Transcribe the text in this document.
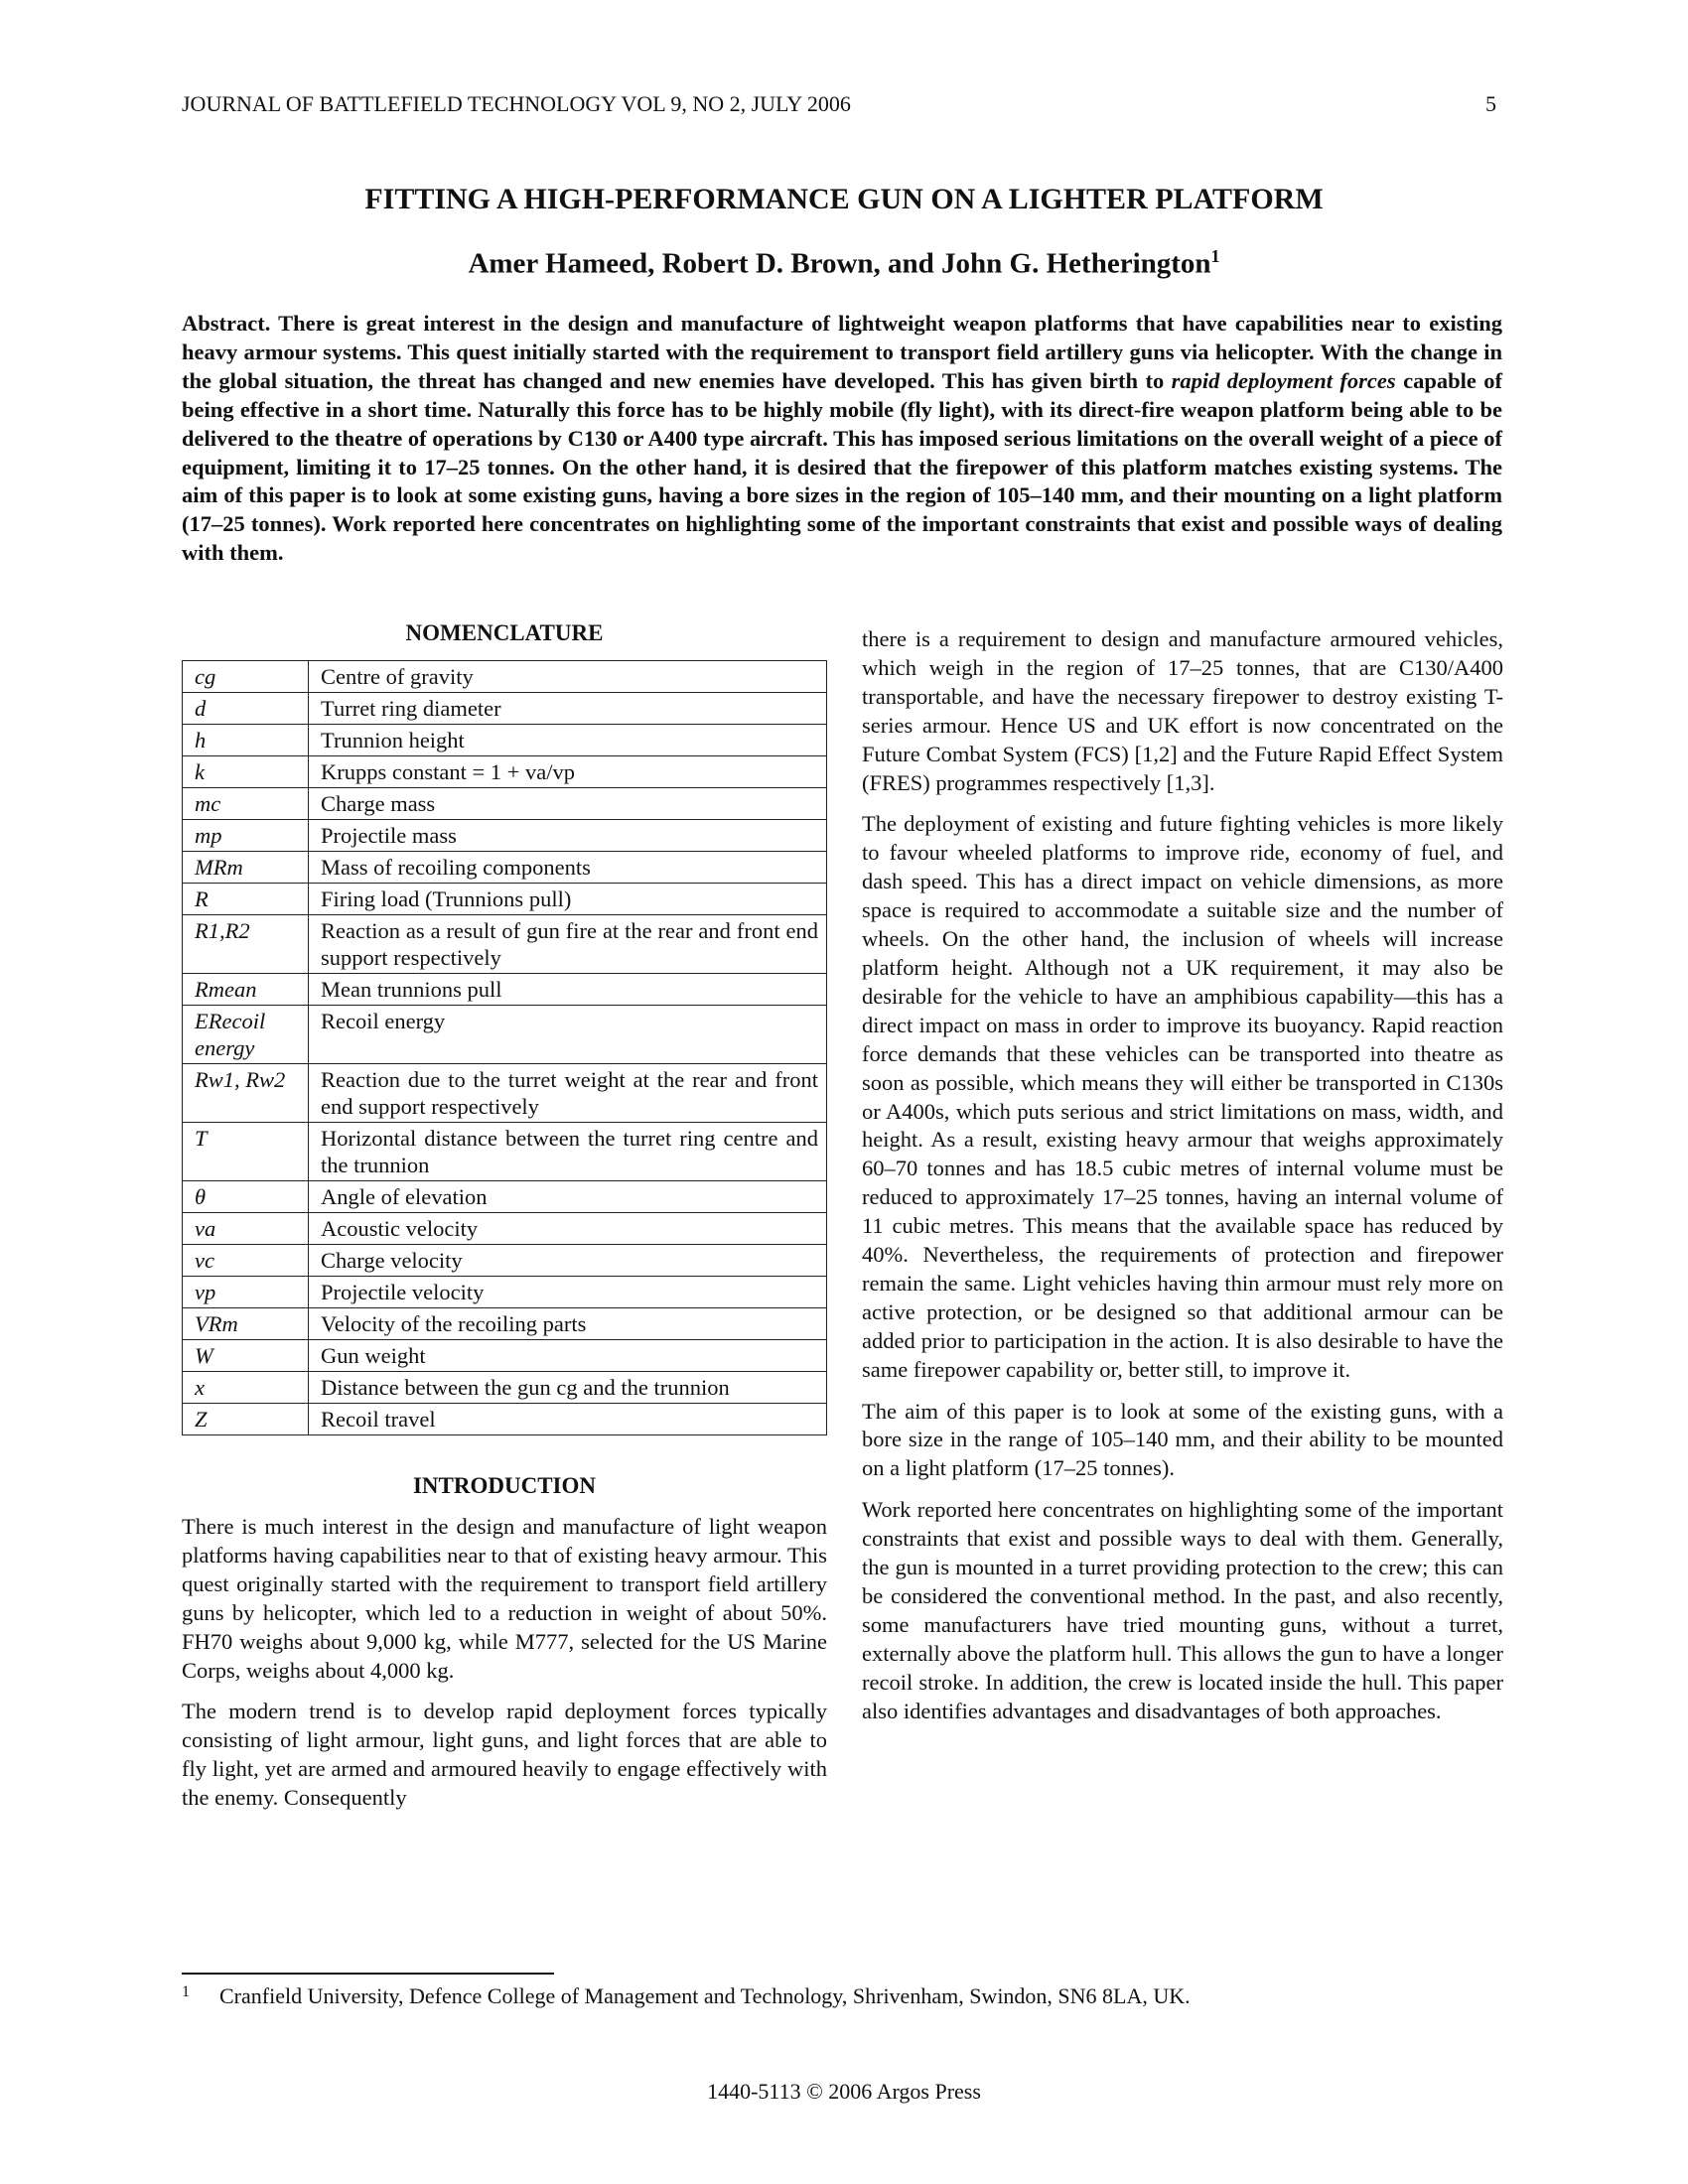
JOURNAL OF BATTLEFIELD TECHNOLOGY VOL 9, NO 2, JULY 2006	5
FITTING A HIGH-PERFORMANCE GUN ON A LIGHTER PLATFORM
Amer Hameed, Robert D. Brown, and John G. Hetherington$^1$
Abstract. There is great interest in the design and manufacture of lightweight weapon platforms that have capabilities near to existing heavy armour systems. This quest initially started with the requirement to transport field artillery guns via helicopter. With the change in the global situation, the threat has changed and new enemies have developed. This has given birth to rapid deployment forces capable of being effective in a short time. Naturally this force has to be highly mobile (fly light), with its direct-fire weapon platform being able to be delivered to the theatre of operations by C130 or A400 type aircraft. This has imposed serious limitations on the overall weight of a piece of equipment, limiting it to 17–25 tonnes. On the other hand, it is desired that the firepower of this platform matches existing systems. The aim of this paper is to look at some existing guns, having a bore sizes in the region of 105–140 mm, and their mounting on a light platform (17–25 tonnes). Work reported here concentrates on highlighting some of the important constraints that exist and possible ways of dealing with them.
NOMENCLATURE
cg	Centre of gravity
d	Turret ring diameter
h	Trunnion height
k	Krupps constant = 1 + va/vp
mc	Charge mass
mp	Projectile mass
MRm	Mass of recoiling components
R	Firing load (Trunnions pull)
R1,R2	Reaction as a result of gun fire at the rear and front end support respectively
Rmean	Mean trunnions pull
ERecoil energy	Recoil energy
Rw1, Rw2	Reaction due to the turret weight at the rear and front end support respectively
T	Horizontal distance between the turret ring centre and the trunnion
θ	Angle of elevation
va	Acoustic velocity
vc	Charge velocity
vp	Projectile velocity
VRm	Velocity of the recoiling parts
W	Gun weight
x	Distance between the gun cg and the trunnion
Z	Recoil travel
INTRODUCTION

There is much interest in the design and manufacture of light weapon platforms having capabilities near to that of existing heavy armour. This quest originally started with the requirement to transport field artillery guns by helicopter, which led to a reduction in weight of about 50%. FH70 weighs about 9,000 kg, while M777, selected for the US Marine Corps, weighs about 4,000 kg.

The modern trend is to develop rapid deployment forces typically consisting of light armour, light guns, and light forces that are able to fly light, yet are armed and armoured heavily to engage effectively with the enemy. Consequently

there is a requirement to design and manufacture armoured vehicles, which weigh in the region of 17–25 tonnes, that are C130/A400 transportable, and have the necessary firepower to destroy existing T-series armour. Hence US and UK effort is now concentrated on the Future Combat System (FCS) [1,2] and the Future Rapid Effect System (FRES) programmes respectively [1,3].

The deployment of existing and future fighting vehicles is more likely to favour wheeled platforms to improve ride, economy of fuel, and dash speed. This has a direct impact on vehicle dimensions, as more space is required to accommodate a suitable size and the number of wheels. On the other hand, the inclusion of wheels will increase platform height. Although not a UK requirement, it may also be desirable for the vehicle to have an amphibious capability—this has a direct impact on mass in order to improve its buoyancy. Rapid reaction force demands that these vehicles can be transported into theatre as soon as possible, which means they will either be transported in C130s or A400s, which puts serious and strict limitations on mass, width, and height. As a result, existing heavy armour that weighs approximately 60–70 tonnes and has 18.5 cubic metres of internal volume must be reduced to approximately 17–25 tonnes, having an internal volume of 11 cubic metres. This means that the available space has reduced by 40%. Nevertheless, the requirements of protection and firepower remain the same. Light vehicles having thin armour must rely more on active protection, or be designed so that additional armour can be added prior to participation in the action. It is also desirable to have the same firepower capability or, better still, to improve it.

The aim of this paper is to look at some of the existing guns, with a bore size in the range of 105–140 mm, and their ability to be mounted on a light platform (17–25 tonnes).

Work reported here concentrates on highlighting some of the important constraints that exist and possible ways to deal with them. Generally, the gun is mounted in a turret providing protection to the crew; this can be considered the conventional method. In the past, and also recently, some manufacturers have tried mounting guns, without a turret, externally above the platform hull. This allows the gun to have a longer recoil stroke. In addition, the crew is located inside the hull. This paper also identifies advantages and disadvantages of both approaches.

$^1$ Cranfield University, Defence College of Management and Technology, Shrivenham, Swindon, SN6 8LA, UK.
1440-5113 © 2006 Argos Press
